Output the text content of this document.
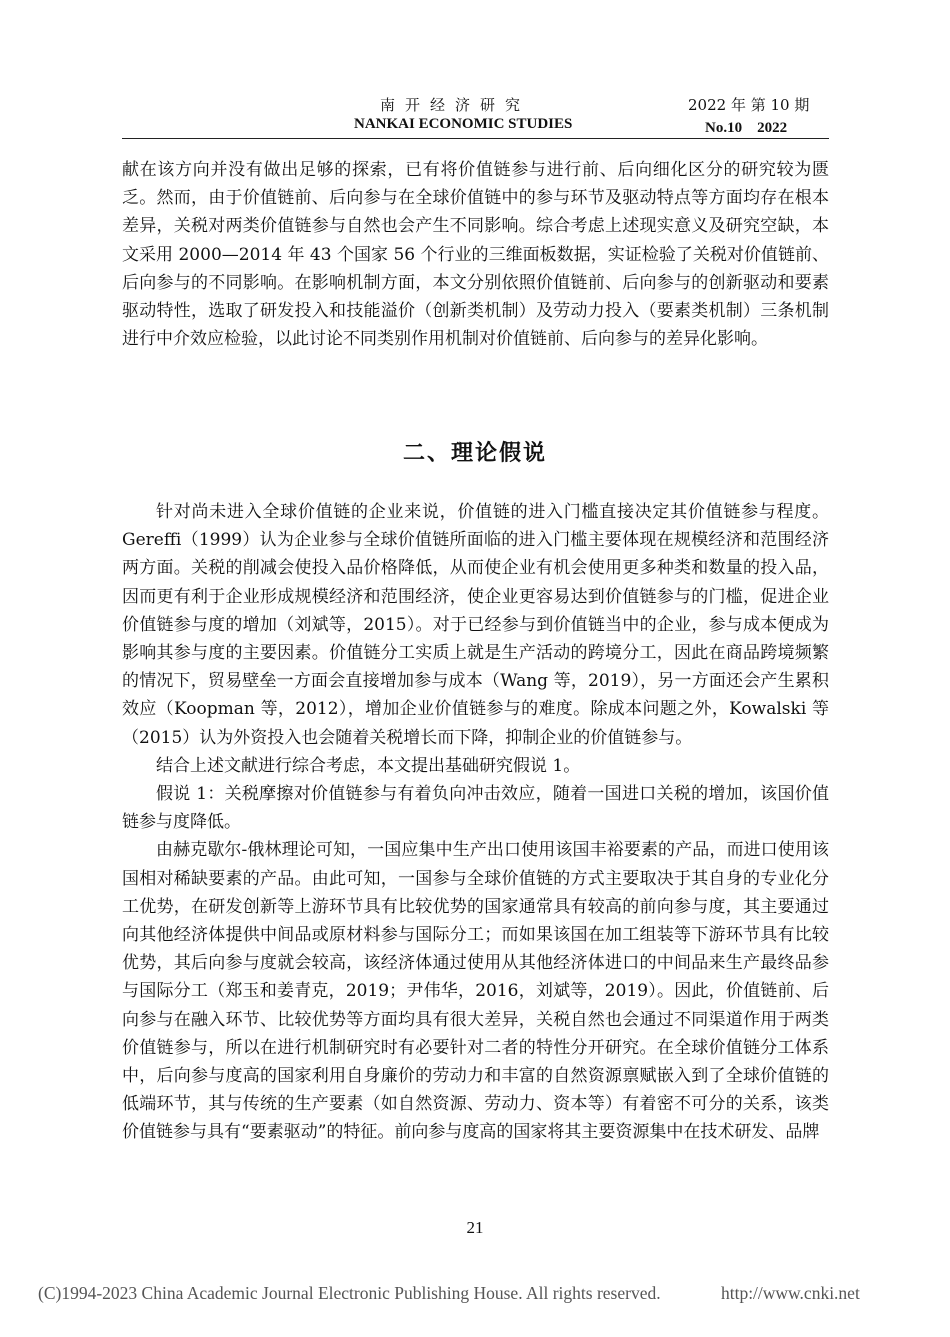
南开经济研究	2022 年 第 10 期
NANKAI ECONOMIC STUDIES	No.10　2022

献在该方向并没有做出足够的探索，已有将价值链参与进行前、后向细化区分的研究较为匮乏。然而，由于价值链前、后向参与在全球价值链中的参与环节及驱动特点等方面均存在根本差异，关税对两类价值链参与自然也会产生不同影响。综合考虑上述现实意义及研究空缺，本文采用 2000—2014 年 43 个国家 56 个行业的三维面板数据，实证检验了关税对价值链前、后向参与的不同影响。在影响机制方面，本文分别依照价值链前、后向参与的创新驱动和要素驱动特性，选取了研发投入和技能溢价（创新类机制）及劳动力投入（要素类机制）三条机制进行中介效应检验，以此讨论不同类别作用机制对价值链前、后向参与的差异化影响。

二、理论假说

针对尚未进入全球价值链的企业来说，价值链的进入门槛直接决定其价值链参与程度。Gereffi（1999）认为企业参与全球价值链所面临的进入门槛主要体现在规模经济和范围经济两方面。关税的削减会使投入品价格降低，从而使企业有机会使用更多种类和数量的投入品，因而更有利于企业形成规模经济和范围经济，使企业更容易达到价值链参与的门槛，促进企业价值链参与度的增加（刘斌等，2015）。对于已经参与到价值链当中的企业，参与成本便成为影响其参与度的主要因素。价值链分工实质上就是生产活动的跨境分工，因此在商品跨境频繁的情况下，贸易壁垒一方面会直接增加参与成本（Wang 等，2019），另一方面还会产生累积效应（Koopman 等，2012），增加企业价值链参与的难度。除成本问题之外，Kowalski 等（2015）认为外资投入也会随着关税增长而下降，抑制企业的价值链参与。

结合上述文献进行综合考虑，本文提出基础研究假说 1。

假说 1：关税摩擦对价值链参与有着负向冲击效应，随着一国进口关税的增加，该国价值链参与度降低。

由赫克歇尔-俄林理论可知，一国应集中生产出口使用该国丰裕要素的产品，而进口使用该国相对稀缺要素的产品。由此可知，一国参与全球价值链的方式主要取决于其自身的专业化分工优势，在研发创新等上游环节具有比较优势的国家通常具有较高的前向参与度，其主要通过向其他经济体提供中间品或原材料参与国际分工；而如果该国在加工组装等下游环节具有比较优势，其后向参与度就会较高，该经济体通过使用从其他经济体进口的中间品来生产最终品参与国际分工（郑玉和姜青克，2019；尹伟华，2016，刘斌等，2019）。因此，价值链前、后向参与在融入环节、比较优势等方面均具有很大差异，关税自然也会通过不同渠道作用于两类价值链参与，所以在进行机制研究时有必要针对二者的特性分开研究。在全球价值链分工体系中，后向参与度高的国家利用自身廉价的劳动力和丰富的自然资源禀赋嵌入到了全球价值链的低端环节，其与传统的生产要素（如自然资源、劳动力、资本等）有着密不可分的关系，该类价值链参与具有“要素驱动”的特征。前向参与度高的国家将其主要资源集中在技术研发、品牌

21
(C)1994-2023 China Academic Journal Electronic Publishing House. All rights reserved.	http://www.cnki.net
